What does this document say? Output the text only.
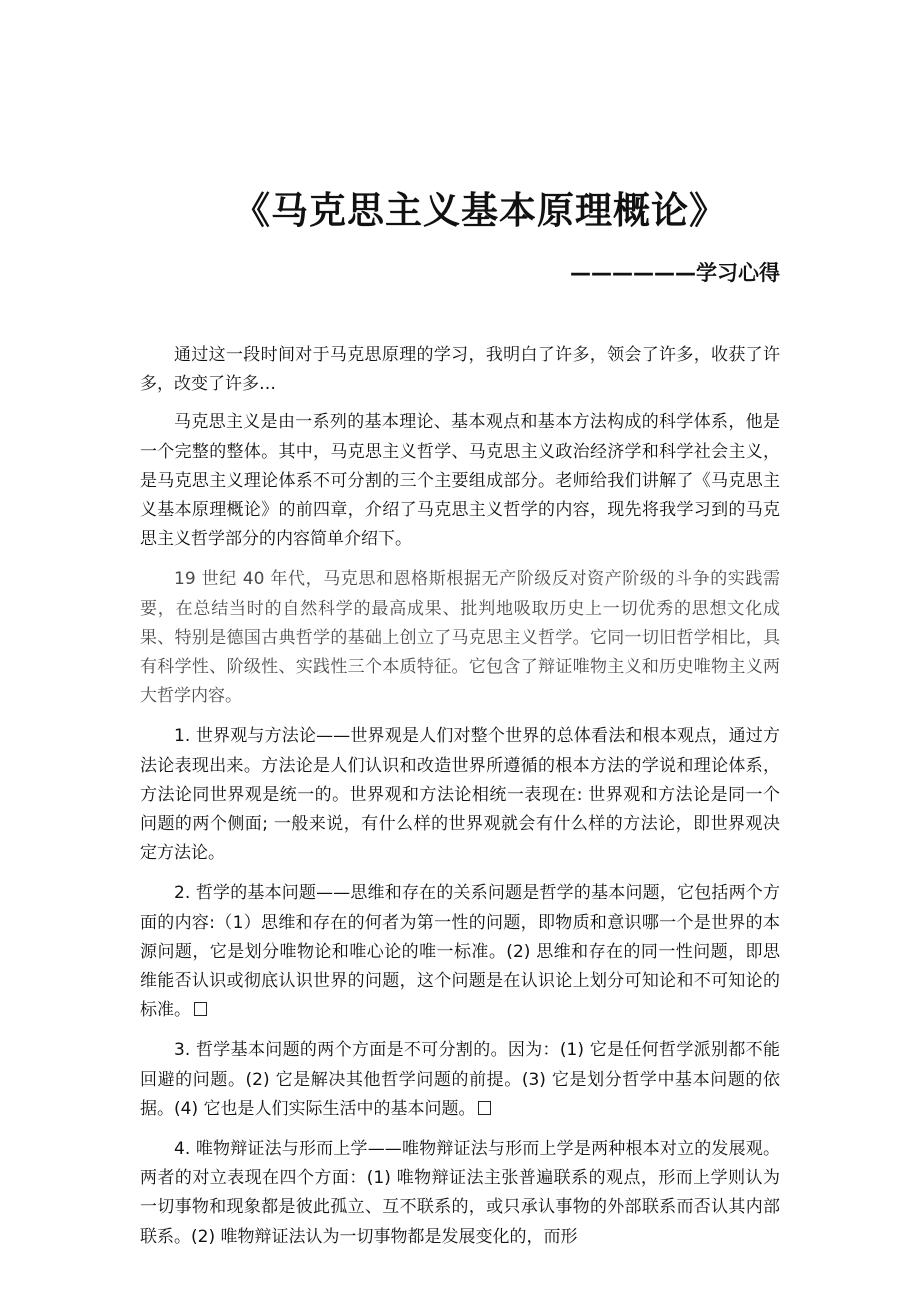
《马克思主义基本原理概论》
——————学习心得

通过这一段时间对于马克思原理的学习，我明白了许多，领会了许多，收获了许多，改变了许多…

马克思主义是由一系列的基本理论、基本观点和基本方法构成的科学体系，他是一个完整的整体。其中，马克思主义哲学、马克思主义政治经济学和科学社会主义，是马克思主义理论体系不可分割的三个主要组成部分。老师给我们讲解了《马克思主义基本原理概论》的前四章，介绍了马克思主义哲学的内容，现先将我学习到的马克思主义哲学部分的内容简单介绍下。

19 世纪 40 年代，马克思和恩格斯根据无产阶级反对资产阶级的斗争的实践需要，在总结当时的自然科学的最高成果、批判地吸取历史上一切优秀的思想文化成果、特别是德国古典哲学的基础上创立了马克思主义哲学。它同一切旧哲学相比，具有科学性、阶级性、实践性三个本质特征。它包含了辩证唯物主义和历史唯物主义两大哲学内容。

1. 世界观与方法论——世界观是人们对整个世界的总体看法和根本观点，通过方法论表现出来。方法论是人们认识和改造世界所遵循的根本方法的学说和理论体系，方法论同世界观是统一的。世界观和方法论相统一表现在: 世界观和方法论是同一个问题的两个侧面; 一般来说，有什么样的世界观就会有什么样的方法论，即世界观决定方法论。

2. 哲学的基本问题——思维和存在的关系问题是哲学的基本问题，它包括两个方面的内容:（1）思维和存在的何者为第一性的问题，即物质和意识哪一个是世界的本源问题，它是划分唯物论和唯心论的唯一标准。(2) 思维和存在的同一性问题，即思维能否认识或彻底认识世界的问题，这个问题是在认识论上划分可知论和不可知论的标准。

3. 哲学基本问题的两个方面是不可分割的。因为：(1) 它是任何哲学派别都不能回避的问题。(2) 它是解决其他哲学问题的前提。(3) 它是划分哲学中基本问题的依据。(4) 它也是人们实际生活中的基本问题。

4. 唯物辩证法与形而上学——唯物辩证法与形而上学是两种根本对立的发展观。两者的对立表现在四个方面：(1) 唯物辩证法主张普遍联系的观点，形而上学则认为一切事物和现象都是彼此孤立、互不联系的，或只承认事物的外部联系而否认其内部联系。(2) 唯物辩证法认为一切事物都是发展变化的，而形
